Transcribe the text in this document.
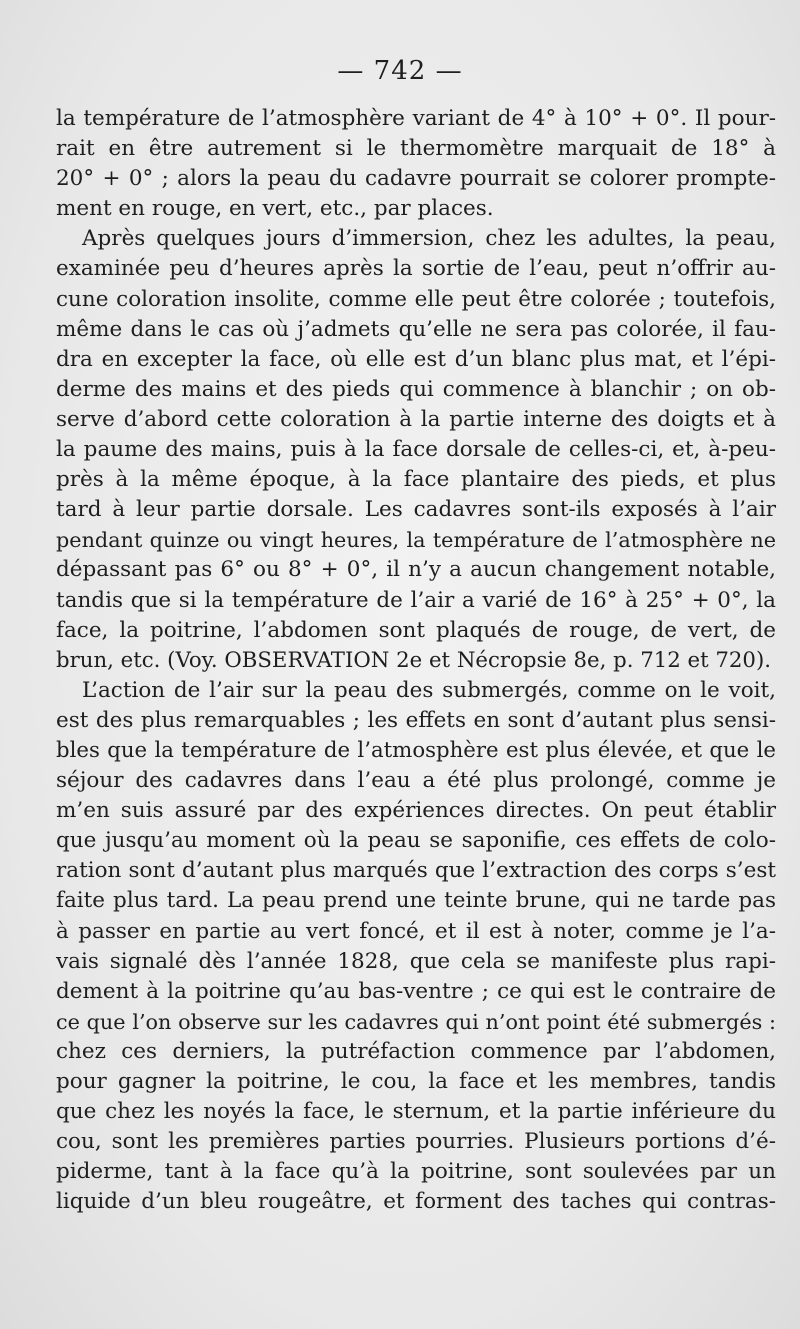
— 742 —
la température de l’atmosphère variant de 4° à 10° + 0°. Il pour-
rait en être autrement si le thermomètre marquait de 18° à
20° + 0° ; alors la peau du cadavre pourrait se colorer prompte-
ment en rouge, en vert, etc., par places.
Après quelques jours d’immersion, chez les adultes, la peau,
examinée peu d’heures après la sortie de l’eau, peut n’offrir au-
cune coloration insolite, comme elle peut être colorée ; toutefois,
même dans le cas où j’admets qu’elle ne sera pas colorée, il fau-
dra en excepter la face, où elle est d’un blanc plus mat, et l’épi-
derme des mains et des pieds qui commence à blanchir ; on ob-
serve d’abord cette coloration à la partie interne des doigts et à
la paume des mains, puis à la face dorsale de celles-ci, et, à-peu-
près à la même époque, à la face plantaire des pieds, et plus
tard à leur partie dorsale. Les cadavres sont-ils exposés à l’air
pendant quinze ou vingt heures, la température de l’atmosphère ne
dépassant pas 6° ou 8° + 0°, il n’y a aucun changement notable,
tandis que si la température de l’air a varié de 16° à 25° + 0°, la
face, la poitrine, l’abdomen sont plaqués de rouge, de vert, de
brun, etc. (Voy. OBSERVATION 2e et Nécropsie 8e, p. 712 et 720).
L’action de l’air sur la peau des submergés, comme on le voit,
est des plus remarquables ; les effets en sont d’autant plus sensi-
bles que la température de l’atmosphère est plus élevée, et que le
séjour des cadavres dans l’eau a été plus prolongé, comme je
m’en suis assuré par des expériences directes. On peut établir
que jusqu’au moment où la peau se saponifie, ces effets de colo-
ration sont d’autant plus marqués que l’extraction des corps s’est
faite plus tard. La peau prend une teinte brune, qui ne tarde pas
à passer en partie au vert foncé, et il est à noter, comme je l’a-
vais signalé dès l’année 1828, que cela se manifeste plus rapi-
dement à la poitrine qu’au bas-ventre ; ce qui est le contraire de
ce que l’on observe sur les cadavres qui n’ont point été submergés :
chez ces derniers, la putréfaction commence par l’abdomen,
pour gagner la poitrine, le cou, la face et les membres, tandis
que chez les noyés la face, le sternum, et la partie inférieure du
cou, sont les premières parties pourries. Plusieurs portions d’é-
piderme, tant à la face qu’à la poitrine, sont soulevées par un
liquide d’un bleu rougeâtre, et forment des taches qui contras-
